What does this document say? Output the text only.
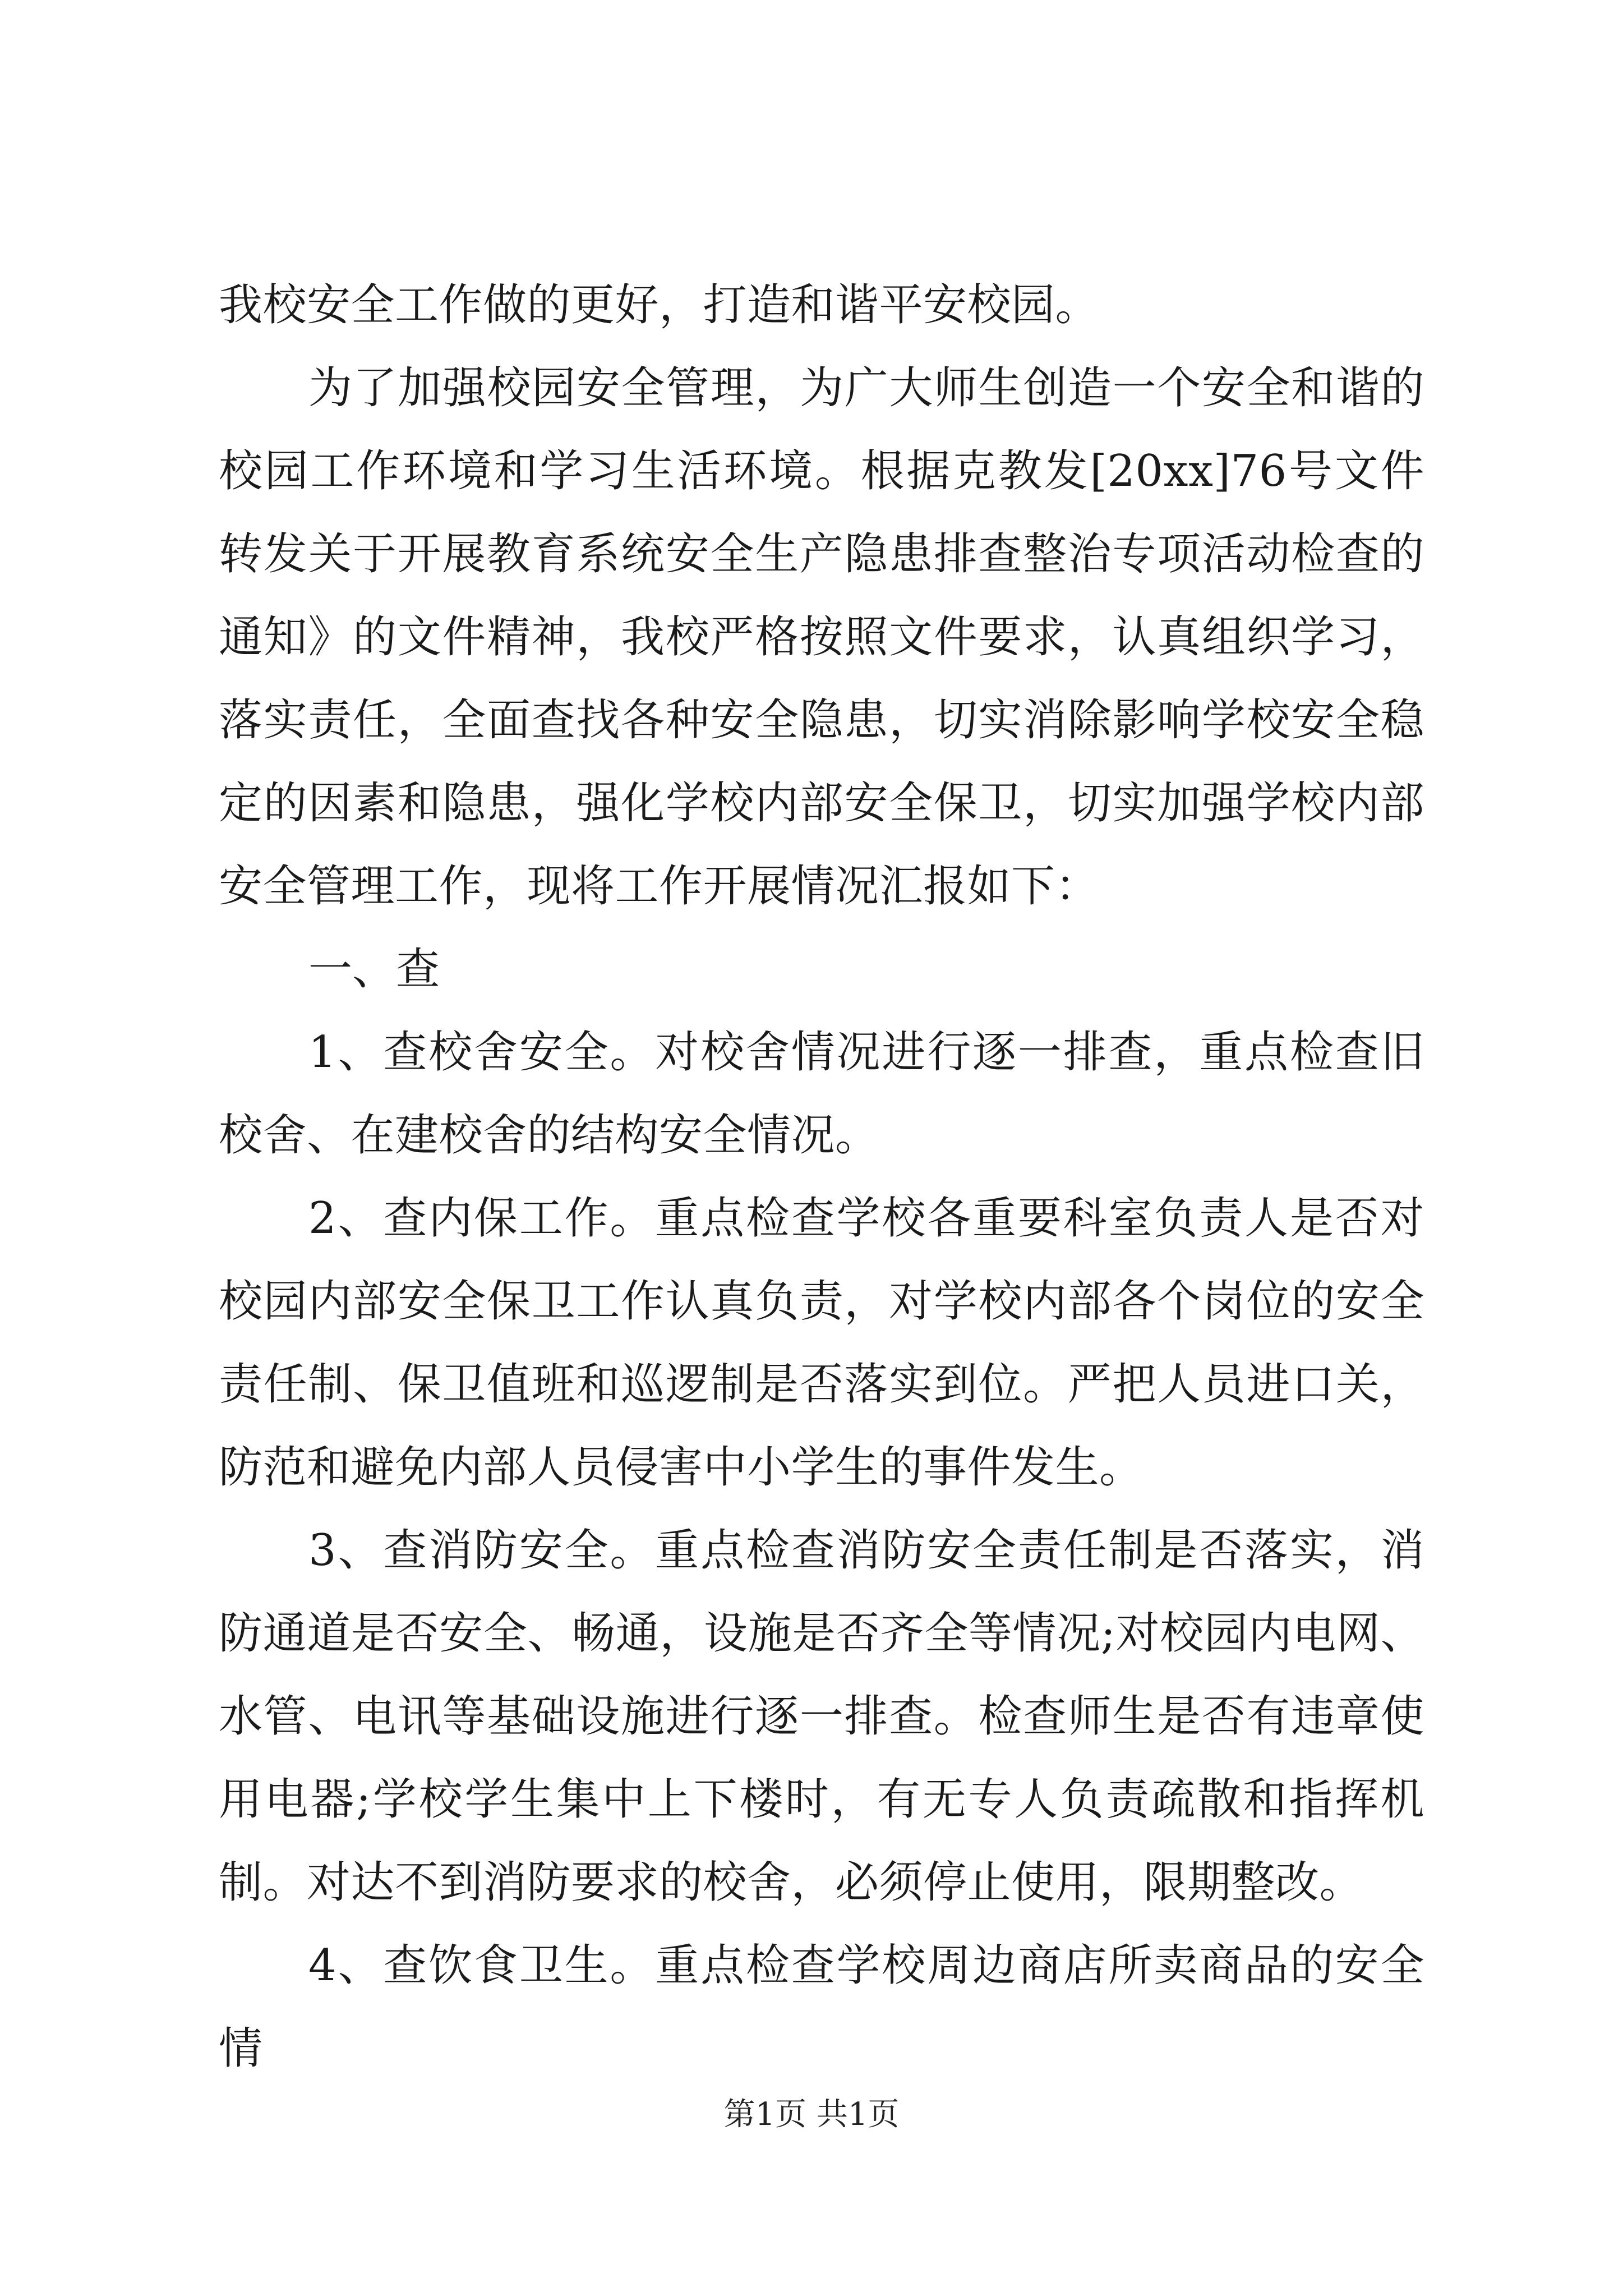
我校安全工作做的更好，打造和谐平安校园。

为了加强校园安全管理，为广大师生创造一个安全和谐的校园工作环境和学习生活环境。根据克教发[20xx]76号文件转发关于开展教育系统安全生产隐患排查整治专项活动检查的通知》的文件精神，我校严格按照文件要求，认真组织学习，落实责任，全面查找各种安全隐患，切实消除影响学校安全稳定的因素和隐患，强化学校内部安全保卫，切实加强学校内部安全管理工作，现将工作开展情况汇报如下：

一、查

1、查校舍安全。对校舍情况进行逐一排查，重点检查旧校舍、在建校舍的结构安全情况。

2、查内保工作。重点检查学校各重要科室负责人是否对校园内部安全保卫工作认真负责，对学校内部各个岗位的安全责任制、保卫值班和巡逻制是否落实到位。严把人员进口关，防范和避免内部人员侵害中小学生的事件发生。

3、查消防安全。重点检查消防安全责任制是否落实，消防通道是否安全、畅通，设施是否齐全等情况;对校园内电网、水管、电讯等基础设施进行逐一排查。检查师生是否有违章使用电器;学校学生集中上下楼时，有无专人负责疏散和指挥机制。对达不到消防要求的校舍，必须停止使用，限期整改。

4、查饮食卫生。重点检查学校周边商店所卖商品的安全情

第1页 共1页
